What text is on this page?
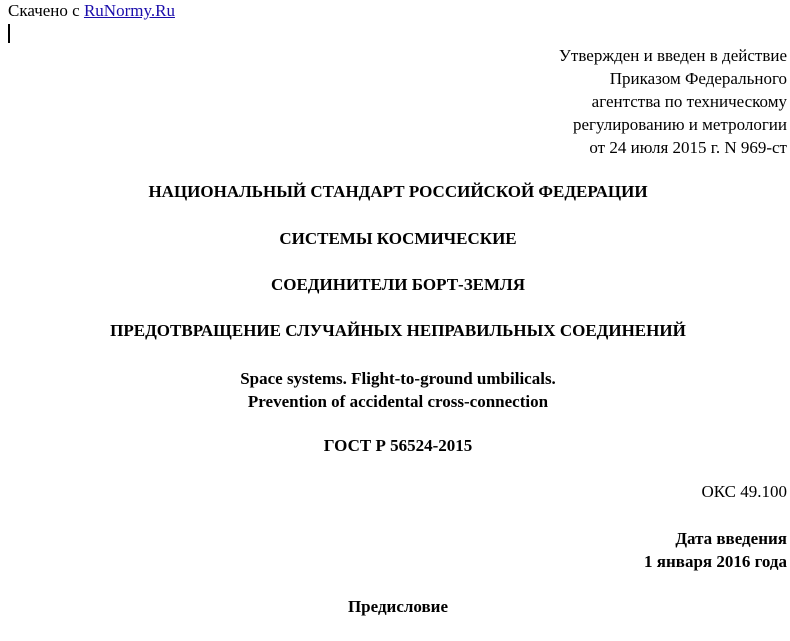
Скачено с RuNormy.Ru
Утвержден и введен в действие
Приказом Федерального
агентства по техническому
регулированию и метрологии
от 24 июля 2015 г. N 969-ст
НАЦИОНАЛЬНЫЙ СТАНДАРТ РОССИЙСКОЙ ФЕДЕРАЦИИ
СИСТЕМЫ КОСМИЧЕСКИЕ
СОЕДИНИТЕЛИ БОРТ-ЗЕМЛЯ
ПРЕДОТВРАЩЕНИЕ СЛУЧАЙНЫХ НЕПРАВИЛЬНЫХ СОЕДИНЕНИЙ
Space systems. Flight-to-ground umbilicals.
Prevention of accidental cross-connection
ГОСТ Р 56524-2015
ОКС 49.100
Дата введения
1 января 2016 года
Предисловие
